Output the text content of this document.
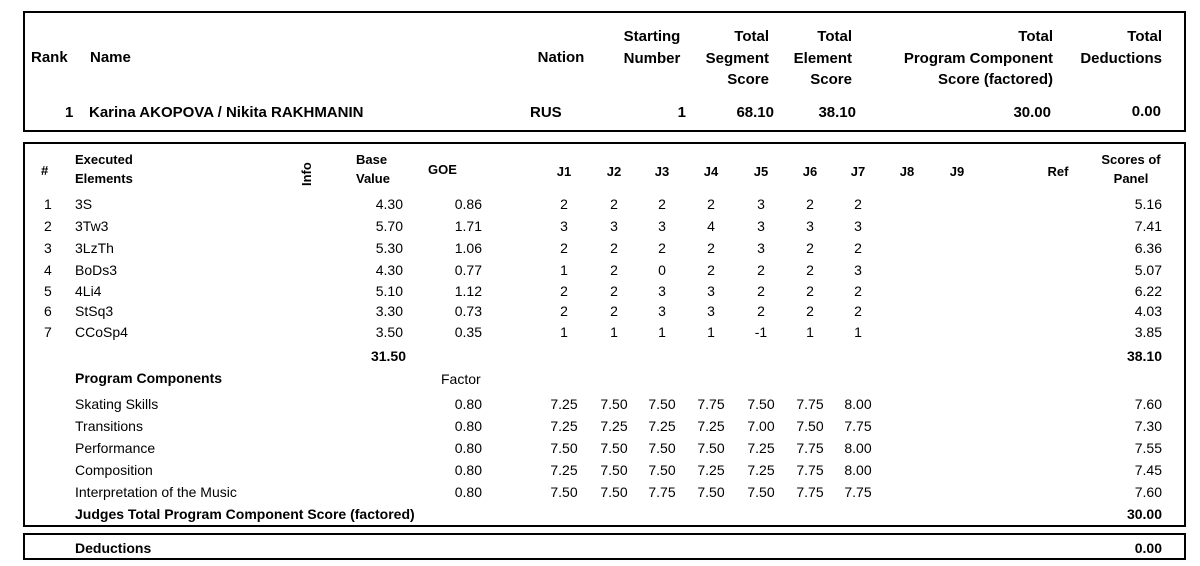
Rank Name	Nation
Starting
Number
Total
Segment
Score
Total
Element
Score
Total
Program Component
Score (factored)
Total
Deductions
1 Karina AKOPOVA / Nikita RAKHMANIN	RUS	1	68.10	38.10	30.00	0.00
#
Executed
Elements	Info
Base
Value
GOE	J1	J2	J3	J4	J5	J6	J7	J8	J9	Ref
Scores of
Panel
1 3S	4.30	0.86	2	2	2	2	3	2	2	5.16
2 3Tw3	5.70	1.71	3	3	3	4	3	3	3	7.41
3 3LzTh	5.30	1.06	2	2	2	2	3	2	2	6.36
4 BoDs3	4.30	0.77	1	2	0	2	2	2	3	5.07
5 4Li4	5.10	1.12	2	2	3	3	2	2	2	6.22
6 StSq3	3.30	0.73	2	2	3	3	2	2	2	4.03
7 CCoSp4	3.50	0.35	1	1	1	1	-1	1	1	3.85
31.50	38.10
Program Components	Factor
Skating Skills	0.80	7.25 7.50 7.50 7.75 7.50 7.75 8.00	7.60
Transitions	0.80	7.25 7.25 7.25 7.25 7.00 7.50 7.75	7.30
Performance	0.80	7.50 7.50 7.50 7.50 7.25 7.75 8.00	7.55
Composition	0.80	7.25 7.50 7.50 7.25 7.25 7.75 8.00	7.45
Interpretation of the Music	0.80	7.50 7.50 7.75 7.50 7.50 7.75 7.75	7.60
Judges Total Program Component Score (factored)	30.00
Deductions	0.00
